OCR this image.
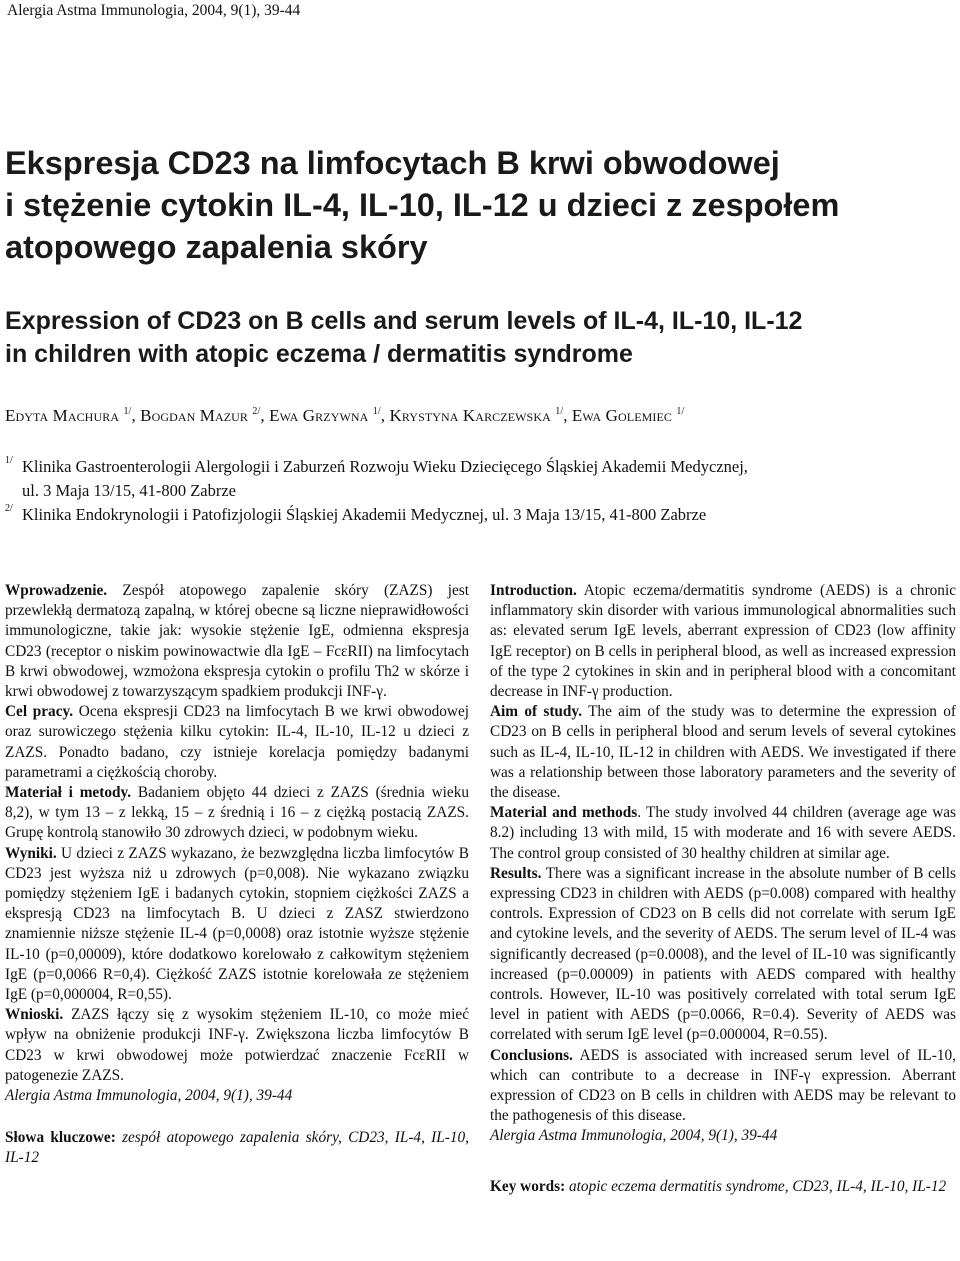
Alergia Astma Immunologia, 2004, 9(1), 39-44
Ekspresja CD23 na limfocytach B krwi obwodowej
i stężenie cytokin IL-4, IL-10, IL-12 u dzieci z zespołem
atopowego zapalenia skóry
Expression of CD23 on B cells and serum levels of IL-4, IL-10, IL-12
in children with atopic eczema / dermatitis syndrome
Edyta Machura $^{1/}$, Bogdan Mazur $^{2/}$, Ewa Grzywna $^{1/}$, Krystyna Karczewska $^{1/}$, Ewa Golemiec $^{1/}$
1/ Klinika Gastroenterologii Alergologii i Zaburzeń Rozwoju Wieku Dziecięcego Śląskiej Akademii Medycznej,
ul. 3 Maja 13/15, 41-800 Zabrze
2/ Klinika Endokrynologii i Patofizjologii Śląskiej Akademii Medycznej, ul. 3 Maja 13/15, 41-800 Zabrze

Wprowadzenie. Zespół atopowego zapalenie skóry (ZAZS) jest przewlekłą dermatozą zapalną, w której obecne są liczne nieprawidłowości immunologiczne, takie jak: wysokie stężenie IgE, odmienna ekspresja CD23 (receptor o niskim powinowactwie dla IgE – FcεRII) na limfocytach B krwi obwodowej, wzmożona ekspresja cytokin o profilu Th2 w skórze i krwi obwodowej z towarzyszącym spadkiem produkcji INF-γ.

Cel pracy. Ocena ekspresji CD23 na limfocytach B we krwi obwodowej oraz surowiczego stężenia kilku cytokin: IL-4, IL-10, IL-12 u dzieci z ZAZS. Ponadto badano, czy istnieje korelacja pomiędzy badanymi parametrami a ciężkością choroby.

Materiał i metody. Badaniem objęto 44 dzieci z ZAZS (średnia wieku 8,2), w tym 13 – z lekką, 15 – z średnią i 16 – z ciężką postacią ZAZS. Grupę kontrolą stanowiło 30 zdrowych dzieci, w podobnym wieku.

Wyniki. U dzieci z ZAZS wykazano, że bezwzględna liczba limfocytów B CD23 jest wyższa niż u zdrowych (p=0,008). Nie wykazano związku pomiędzy stężeniem IgE i badanych cytokin, stopniem ciężkości ZAZS a ekspresją CD23 na limfocytach B. U dzieci z ZASZ stwierdzono znamiennie niższe stężenie IL-4 (p=0,0008) oraz istotnie wyższe stężenie IL-10 (p=0,00009), które dodatkowo korelowało z całkowitym stężeniem IgE (p=0,0066 R=0,4). Ciężkość ZAZS istotnie korelowała ze stężeniem IgE (p=0,000004, R=0,55).

Wnioski. ZAZS łączy się z wysokim stężeniem IL-10, co może mieć wpływ na obniżenie produkcji INF-γ. Zwiększona liczba limfocytów B CD23 w krwi obwodowej może potwierdzać znaczenie FcεRII w patogenezie ZAZS.

Alergia Astma Immunologia, 2004, 9(1), 39-44

Słowa kluczowe: zespół atopowego zapalenia skóry, CD23, IL-4, IL-10, IL-12

Introduction. Atopic eczema/dermatitis syndrome (AEDS) is a chronic inflammatory skin disorder with various immunological abnormalities such as: elevated serum IgE levels, aberrant expression of CD23 (low affinity IgE receptor) on B cells in peripheral blood, as well as increased expression of the type 2 cytokines in skin and in peripheral blood with a concomitant decrease in INF-γ production.

Aim of study. The aim of the study was to determine the expression of CD23 on B cells in peripheral blood and serum levels of several cytokines such as IL-4, IL-10, IL-12 in children with AEDS. We investigated if there was a relationship between those laboratory parameters and the severity of the disease.

Material and methods. The study involved 44 children (average age was 8.2) including 13 with mild, 15 with moderate and 16 with severe AEDS. The control group consisted of 30 healthy children at similar age.

Results. There was a significant increase in the absolute number of B cells expressing CD23 in children with AEDS (p=0.008) compared with healthy controls. Expression of CD23 on B cells did not correlate with serum IgE and cytokine levels, and the severity of AEDS. The serum level of IL-4 was significantly decreased (p=0.0008), and the level of IL-10 was significantly increased (p=0.00009) in patients with AEDS compared with healthy controls. However, IL-10 was positively correlated with total serum IgE level in patient with AEDS (p=0.0066, R=0.4). Severity of AEDS was correlated with serum IgE level (p=0.000004, R=0.55).

Conclusions. AEDS is associated with increased serum level of IL-10, which can contribute to a decrease in INF-γ expression. Aberrant expression of CD23 on B cells in children with AEDS may be relevant to the pathogenesis of this disease.

Alergia Astma Immunologia, 2004, 9(1), 39-44

Key words: atopic eczema dermatitis syndrome, CD23, IL-4, IL-10, IL-12
